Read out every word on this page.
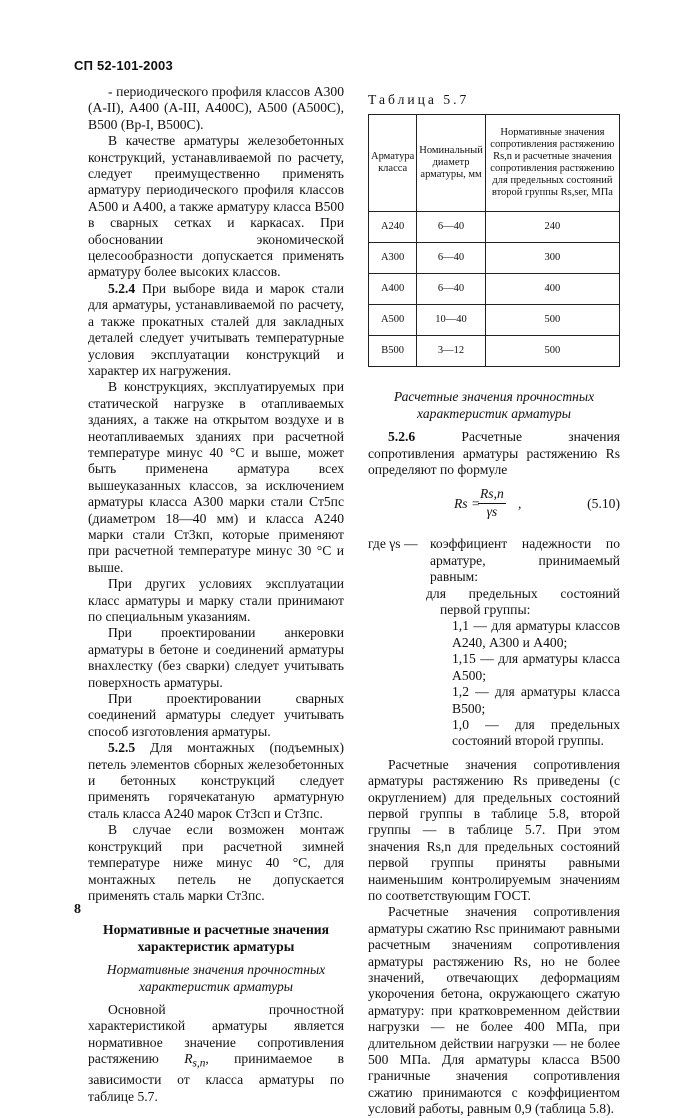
СП 52-101-2003

- периодического профиля классов А300 (А-II), А400 (А-III, А400С), А500 (А500С), В500 (Вр-I, В500С).

В качестве арматуры железобетонных конструкций, устанавливаемой по расчету, следует преимущественно применять арматуру периодического профиля классов А500 и А400, а также арматуру класса В500 в сварных сетках и каркасах. При обосновании экономической целесообразности допускается применять арматуру более высоких классов.

5.2.4 При выборе вида и марок стали для арматуры, устанавливаемой по расчету, а также прокатных сталей для закладных деталей следует учитывать температурные условия эксплуатации конструкций и характер их нагружения.

В конструкциях, эксплуатируемых при статической нагрузке в отапливаемых зданиях, а также на открытом воздухе и в неотапливаемых зданиях при расчетной температуре минус 40 °С и выше, может быть применена арматура всех вышеуказанных классов, за исключением арматуры класса А300 марки стали Ст5пс (диаметром 18—40 мм) и класса А240 марки стали Ст3кп, которые применяют при расчетной температуре минус 30 °С и выше.

При других условиях эксплуатации класс арматуры и марку стали принимают по специальным указаниям.

При проектировании анкеровки арматуры в бетоне и соединений арматуры внахлестку (без сварки) следует учитывать поверхность арматуры.

При проектировании сварных соединений арматуры следует учитывать способ изготовления арматуры.

5.2.5 Для монтажных (подъемных) петель элементов сборных железобетонных и бетонных конструкций следует применять горячекатаную арматурную сталь класса А240 марок Ст3сп и Ст3пс.

В случае если возможен монтаж конструкций при расчетной зимней температуре ниже минус 40 °С, для монтажных петель не допускается применять сталь марки Ст3пс.

Нормативные и расчетные значения характеристик арматуры

Нормативные значения прочностных характеристик арматуры

Основной прочностной характеристикой арматуры является нормативное значение сопротивления растяжению $R_{s,n}$, принимаемое в зависимости от класса арматуры по таблице 5.7.

Таблица 5.7
Арматура класса	Номинальный диаметр арматуры, мм	Нормативные значения сопротивления растяжению Rs,n и расчетные значения сопротивления растяжению для предельных состояний второй группы Rs,ser, МПа
А240	6—40	240
А300	6—40	300
А400	6—40	400
А500	10—40	500
В500	3—12	500

Расчетные значения прочностных характеристик арматуры

5.2.6	Расчетные значения сопротивления арматуры растяжению Rs определяют по формуле

Rs =
$\frac{Rs,n}{\gamma s}$ ,	(5.10)
где γs — коэффициент надежности по арматуре, принимаемый равным:

для предельных состояний первой группы:

1,1 — для арматуры классов А240, А300 и А400;

1,15 — для арматуры класса А500;

1,2 — для арматуры класса В500;

1,0 — для предельных состояний второй группы.

Расчетные значения сопротивления арматуры растяжению Rs приведены (с округлением) для предельных состояний первой группы в таблице 5.8, второй группы — в таблице 5.7. При этом значения Rs,n для предельных состояний первой группы приняты равными наименьшим контролируемым значениям по соответствующим ГОСТ.

Расчетные значения сопротивления арматуры сжатию Rsc принимают равными расчетным значениям сопротивления арматуры растяжению Rs, но не более значений, отвечающих деформациям укорочения бетона, окружающего сжатую арматуру: при кратковременном действии нагрузки — не более 400 МПа, при длительном действии нагрузки — не более 500 МПа. Для арматуры класса В500 граничные значения сопротивления сжатию принимаются с коэффициентом условий работы, равным 0,9 (таблица 5.8).

8
